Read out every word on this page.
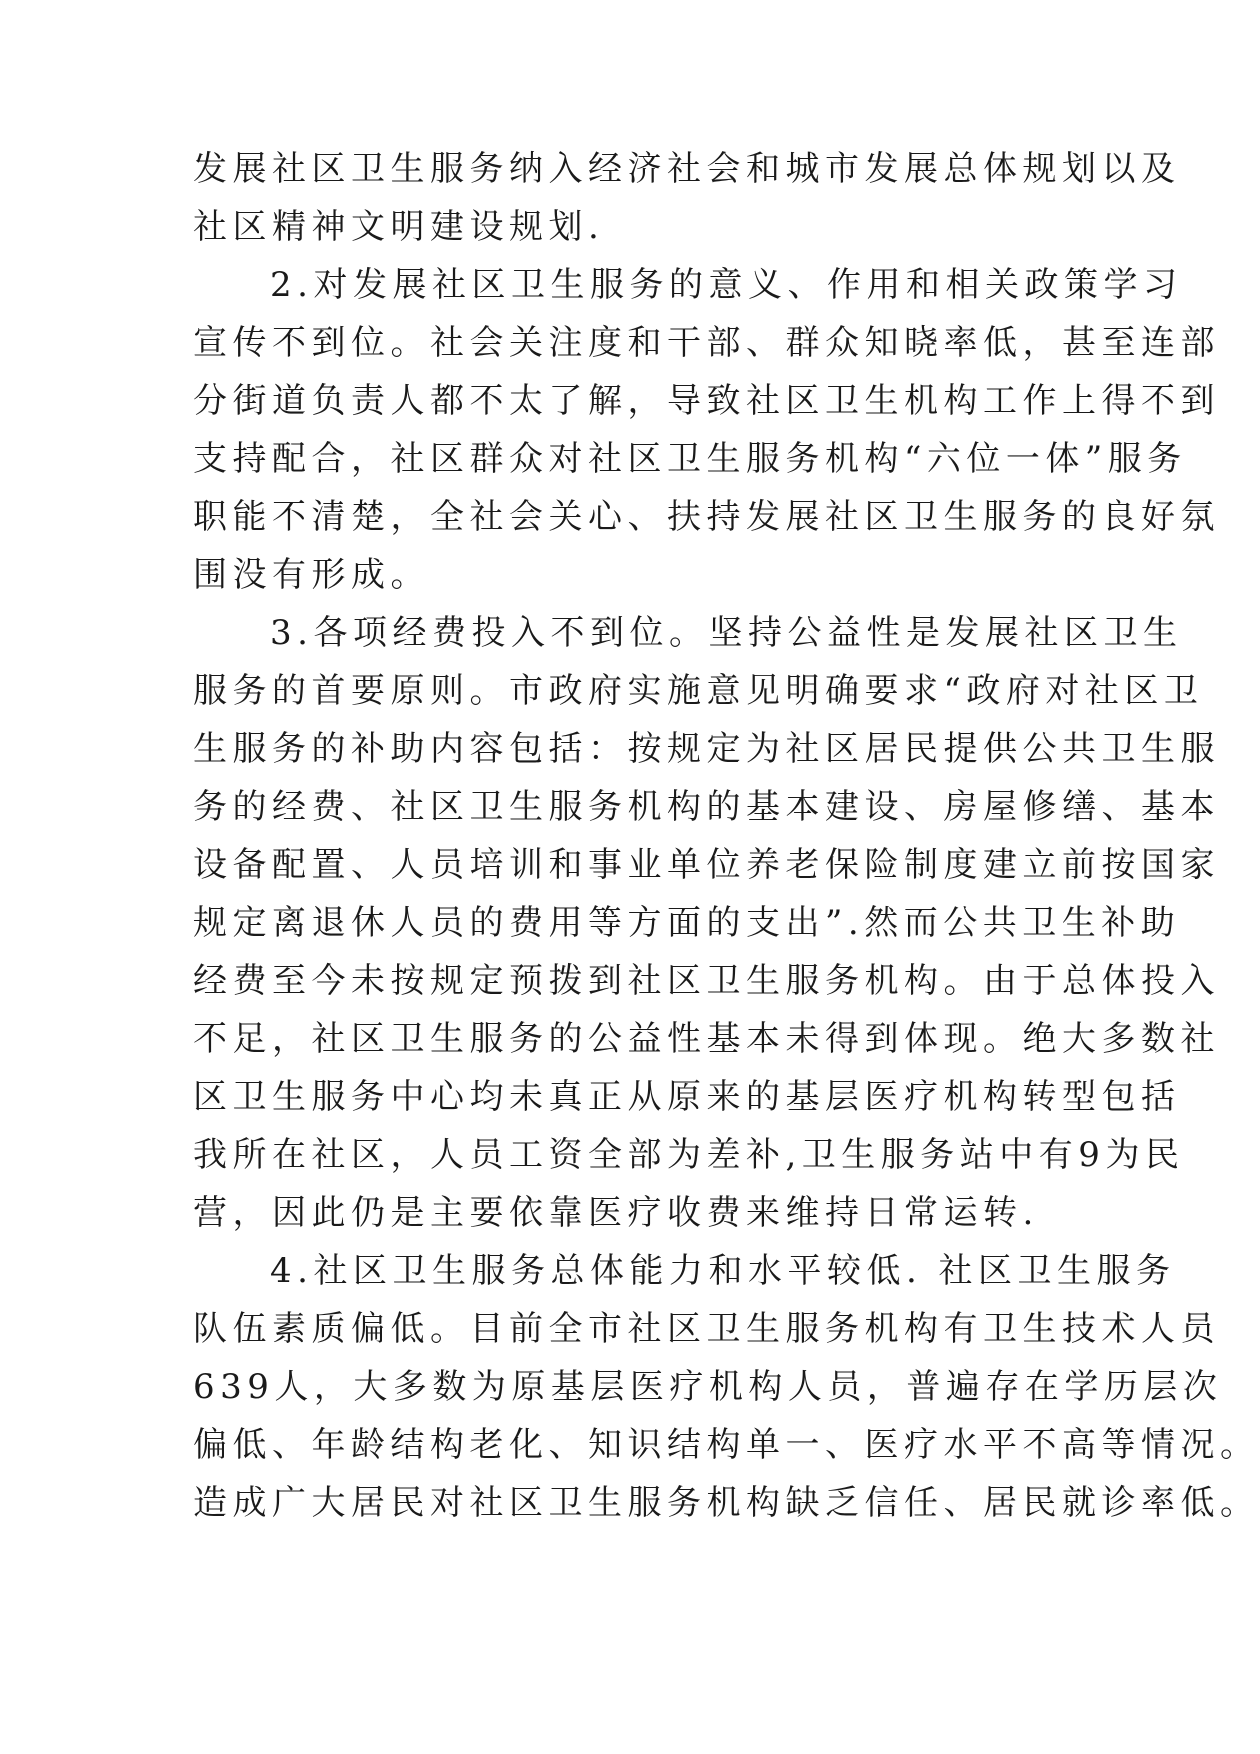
发展社区卫生服务纳入经济社会和城市发展总体规划以及
社区精神文明建设规划.
2.对发展社区卫生服务的意义、作用和相关政策学习
宣传不到位。社会关注度和干部、群众知晓率低，甚至连部
分街道负责人都不太了解，导致社区卫生机构工作上得不到
支持配合，社区群众对社区卫生服务机构“六位一体”服务
职能不清楚，全社会关心、扶持发展社区卫生服务的良好氛
围没有形成。
3.各项经费投入不到位。坚持公益性是发展社区卫生
服务的首要原则。市政府实施意见明确要求“政府对社区卫
生服务的补助内容包括：按规定为社区居民提供公共卫生服
务的经费、社区卫生服务机构的基本建设、房屋修缮、基本
设备配置、人员培训和事业单位养老保险制度建立前按国家
规定离退休人员的费用等方面的支出”.然而公共卫生补助
经费至今未按规定预拨到社区卫生服务机构。由于总体投入
不足，社区卫生服务的公益性基本未得到体现。绝大多数社
区卫生服务中心均未真正从原来的基层医疗机构转型包括
我所在社区，人员工资全部为差补,卫生服务站中有9为民
营，因此仍是主要依靠医疗收费来维持日常运转.
4.社区卫生服务总体能力和水平较低. 社区卫生服务
队伍素质偏低。目前全市社区卫生服务机构有卫生技术人员
639人，大多数为原基层医疗机构人员，普遍存在学历层次
偏低、年龄结构老化、知识结构单一、医疗水平不高等情况。
造成广大居民对社区卫生服务机构缺乏信任、居民就诊率低。
